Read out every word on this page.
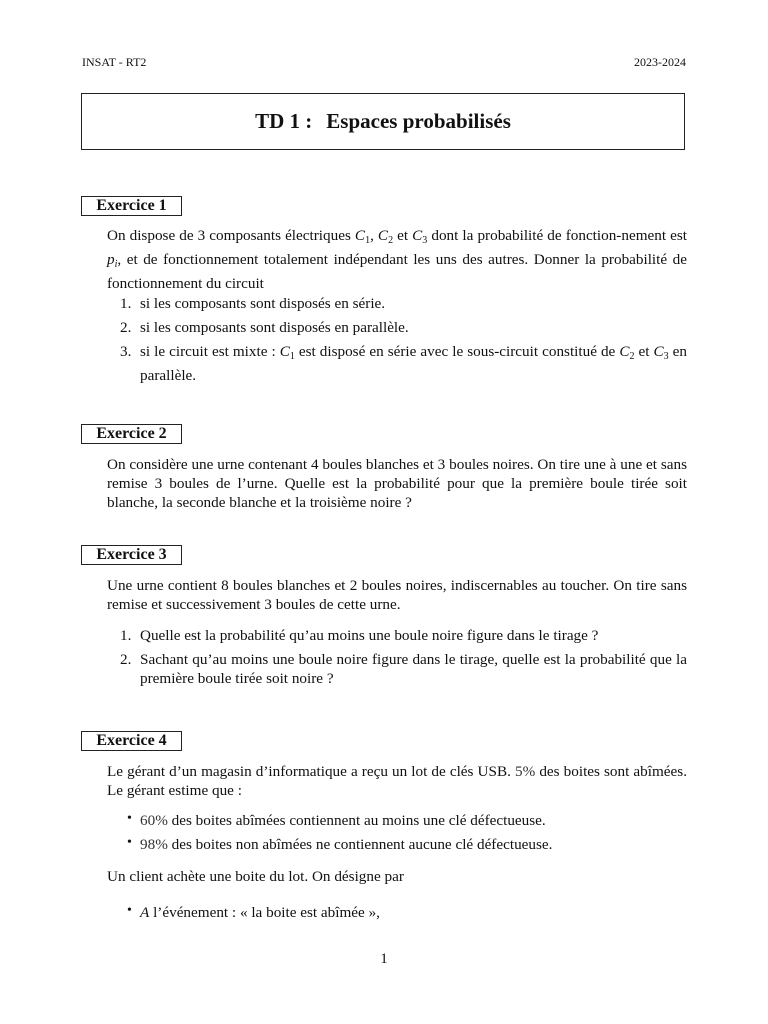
INSAT - RT2	2023-2024
TD 1 : Espaces probabilisés
Exercice 1
On dispose de 3 composants électriques $C_1$, $C_2$ et $C_3$ dont la probabilité de fonction-nement est $p_i$, et de fonctionnement totalement indépendant les uns des autres. Donner la probabilité de fonctionnement du circuit
1. si les composants sont disposés en série.
2. si les composants sont disposés en parallèle.
3. si le circuit est mixte : $C_1$ est disposé en série avec le sous-circuit constitué de $C_2$ et $C_3$ en parallèle.
Exercice 2
On considère une urne contenant 4 boules blanches et 3 boules noires. On tire une à une et sans remise 3 boules de l’urne. Quelle est la probabilité pour que la première boule tirée soit blanche, la seconde blanche et la troisième noire ?
Exercice 3
Une urne contient 8 boules blanches et 2 boules noires, indiscernables au toucher. On tire sans remise et successivement 3 boules de cette urne.
1. Quelle est la probabilité qu’au moins une boule noire figure dans le tirage ?
2. Sachant qu’au moins une boule noire figure dans le tirage, quelle est la probabilité que la première boule tirée soit noire ?
Exercice 4
Le gérant d’un magasin d’informatique a reçu un lot de clés USB. 5% des boites sont abîmées. Le gérant estime que :
• 60% des boites abîmées contiennent au moins une clé défectueuse.
• 98% des boites non abîmées ne contiennent aucune clé défectueuse.
Un client achète une boite du lot. On désigne par
• A l’événement : « la boite est abîmée »,
1
